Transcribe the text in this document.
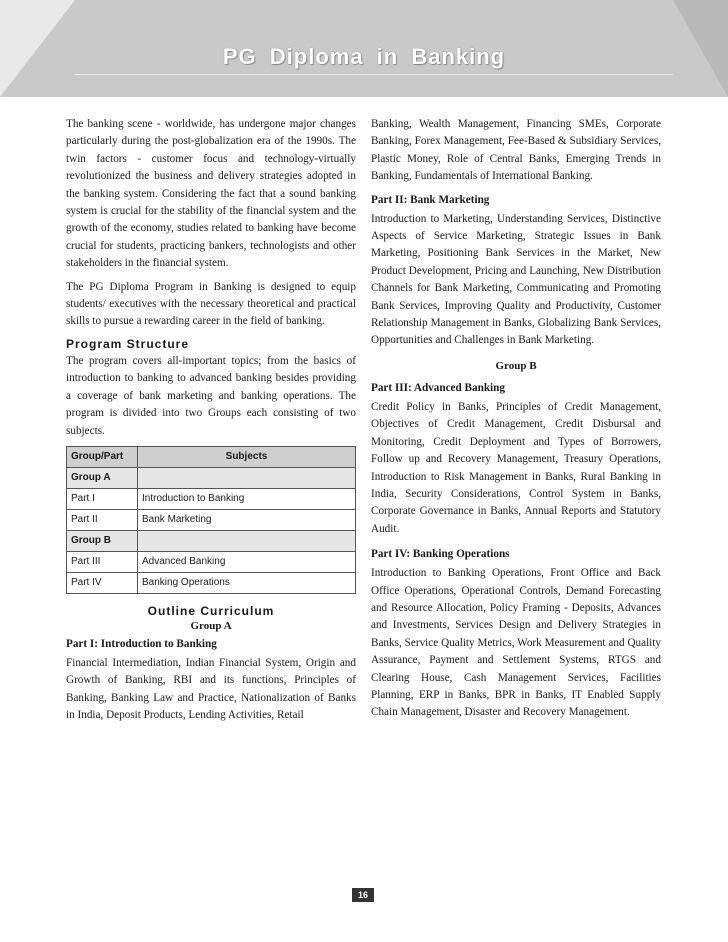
PG Diploma in Banking

The banking scene - worldwide, has undergone major changes particularly during the post-globalization era of the 1990s. The twin factors - customer focus and technology-virtually revolutionized the business and delivery strategies adopted in the banking system. Considering the fact that a sound banking system is crucial for the stability of the financial system and the growth of the economy, studies related to banking have become crucial for students, practicing bankers, technologists and other stakeholders in the financial system.

The PG Diploma Program in Banking is designed to equip students/ executives with the necessary theoretical and practical skills to pursue a rewarding career in the field of banking.

Program Structure

The program covers all-important topics; from the basics of introduction to banking to advanced banking besides providing a coverage of bank marketing and banking operations. The program is divided into two Groups each consisting of two subjects.

Group/Part	Subjects
Group A	
Part I	Introduction to Banking
Part II	Bank Marketing
Group B	
Part III	Advanced Banking
Part IV	Banking Operations
Outline Curriculum
Group A
Part I: Introduction to Banking

Financial Intermediation, Indian Financial System, Origin and Growth of Banking, RBI and its functions, Principles of Banking, Banking Law and Practice, Nationalization of Banks in India, Deposit Products, Lending Activities, Retail

Banking, Wealth Management, Financing SMEs, Corporate Banking, Forex Management, Fee-Based & Subsidiary Services, Plastic Money, Role of Central Banks, Emerging Trends in Banking, Fundamentals of International Banking.

Part II: Bank Marketing

Introduction to Marketing, Understanding Services, Distinctive Aspects of Service Marketing, Strategic Issues in Bank Marketing, Positioning Bank Services in the Market, New Product Development, Pricing and Launching, New Distribution Channels for Bank Marketing, Communicating and Promoting Bank Services, Improving Quality and Productivity, Customer Relationship Management in Banks, Globalizing Bank Services, Opportunities and Challenges in Bank Marketing.

Group B
Part III: Advanced Banking

Credit Policy in Banks, Principles of Credit Management, Objectives of Credit Management, Credit Disbursal and Monitoring, Credit Deployment and Types of Borrowers, Follow up and Recovery Management, Treasury Operations, Introduction to Risk Management in Banks, Rural Banking in India, Security Considerations, Control System in Banks, Corporate Governance in Banks, Annual Reports and Statutory Audit.

Part IV: Banking Operations

Introduction to Banking Operations, Front Office and Back Office Operations, Operational Controls, Demand Forecasting and Resource Allocation, Policy Framing - Deposits, Advances and Investments, Services Design and Delivery Strategies in Banks, Service Quality Metrics, Work Measurement and Quality Assurance, Payment and Settlement Systems, RTGS and Clearing House, Cash Management Services, Facilities Planning, ERP in Banks, BPR in Banks, IT Enabled Supply Chain Management, Disaster and Recovery Management.

16
